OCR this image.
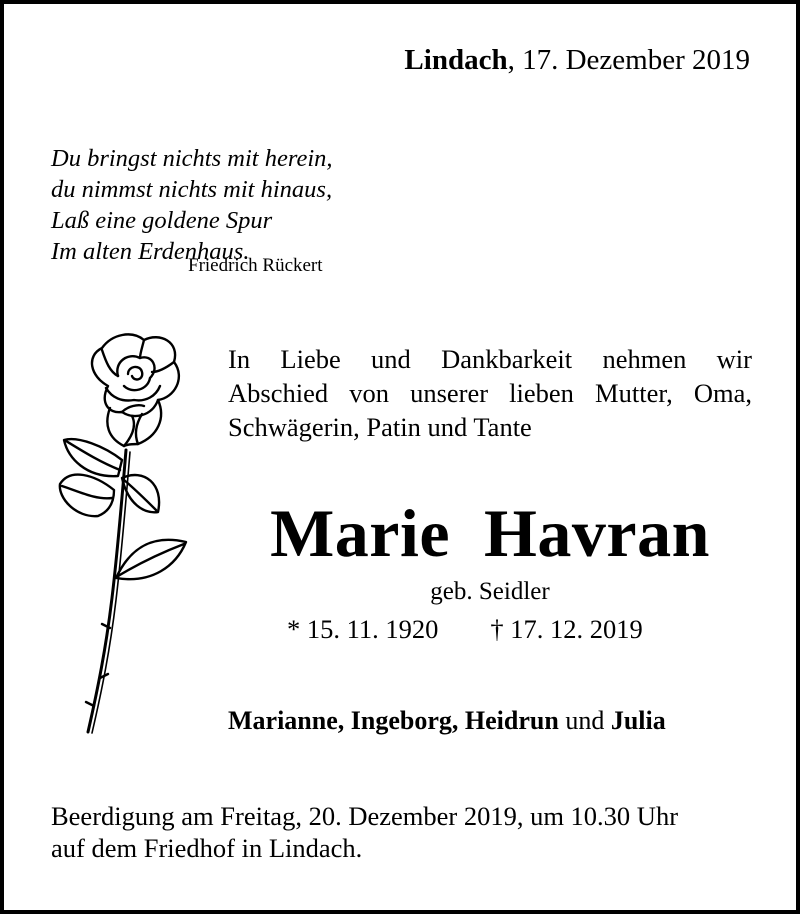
Lindach, 17. Dezember 2019
Du bringst nichts mit herein,
du nimmst nichts mit hinaus,
Laß eine goldene Spur
Im alten Erdenhaus.
Friedrich Rückert
In Liebe und Dankbarkeit nehmen wir
Abschied von unserer lieben Mutter, Oma,
Schwägerin, Patin und Tante
Marie Havran
geb. Seidler
* 15. 11. 1920 † 17. 12. 2019
Marianne, Ingeborg, Heidrun und Julia
Beerdigung am Freitag, 20. Dezember 2019, um 10.30 Uhr
auf dem Friedhof in Lindach.
